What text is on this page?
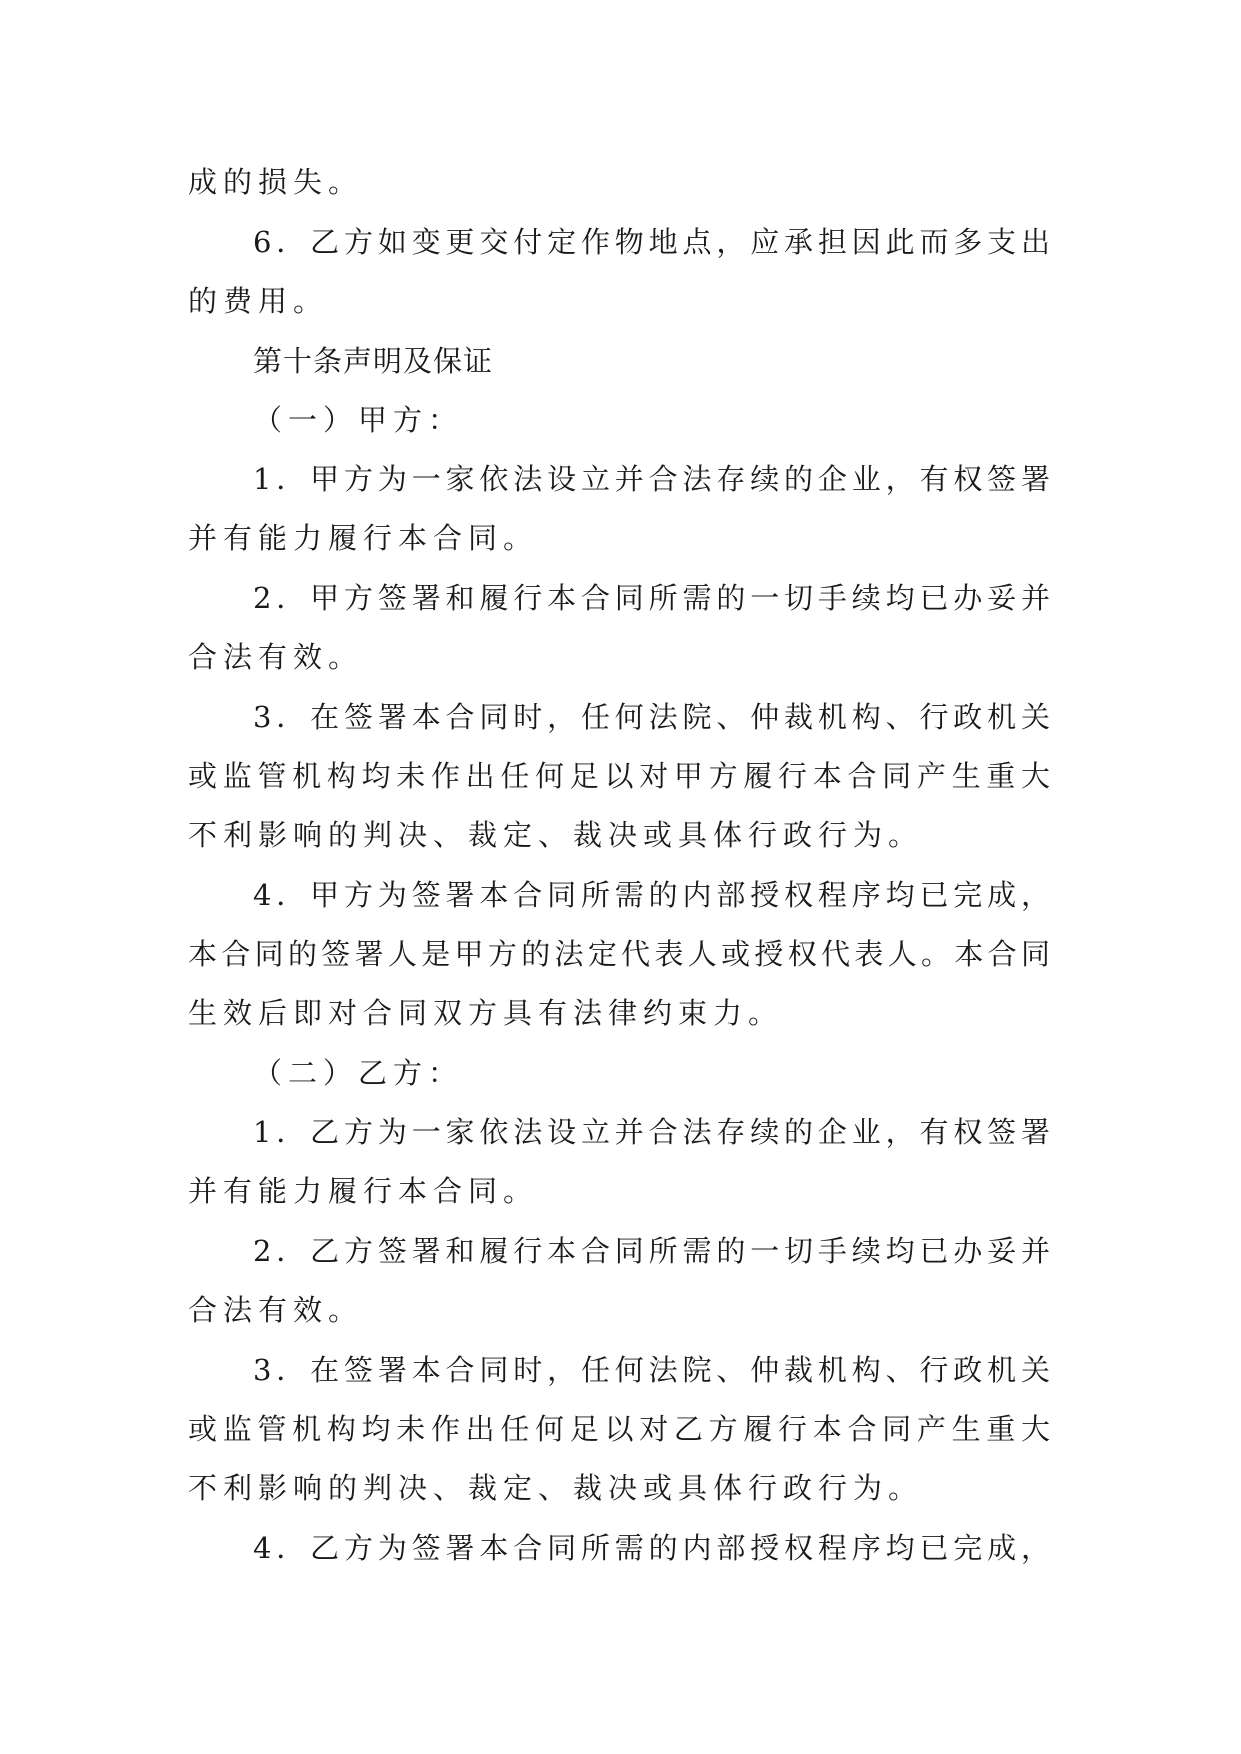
成的损失。
6．乙方如变更交付定作物地点，应承担因此而多支出
的费用。
第十条声明及保证
（一）甲方：
1．甲方为一家依法设立并合法存续的企业，有权签署
并有能力履行本合同。
2．甲方签署和履行本合同所需的一切手续均已办妥并
合法有效。
3．在签署本合同时，任何法院、仲裁机构、行政机关
或监管机构均未作出任何足以对甲方履行本合同产生重大
不利影响的判决、裁定、裁决或具体行政行为。
4．甲方为签署本合同所需的内部授权程序均已完成，
本合同的签署人是甲方的法定代表人或授权代表人。本合同
生效后即对合同双方具有法律约束力。
（二）乙方：
1．乙方为一家依法设立并合法存续的企业，有权签署
并有能力履行本合同。
2．乙方签署和履行本合同所需的一切手续均已办妥并
合法有效。
3．在签署本合同时，任何法院、仲裁机构、行政机关
或监管机构均未作出任何足以对乙方履行本合同产生重大
不利影响的判决、裁定、裁决或具体行政行为。
4．乙方为签署本合同所需的内部授权程序均已完成，
